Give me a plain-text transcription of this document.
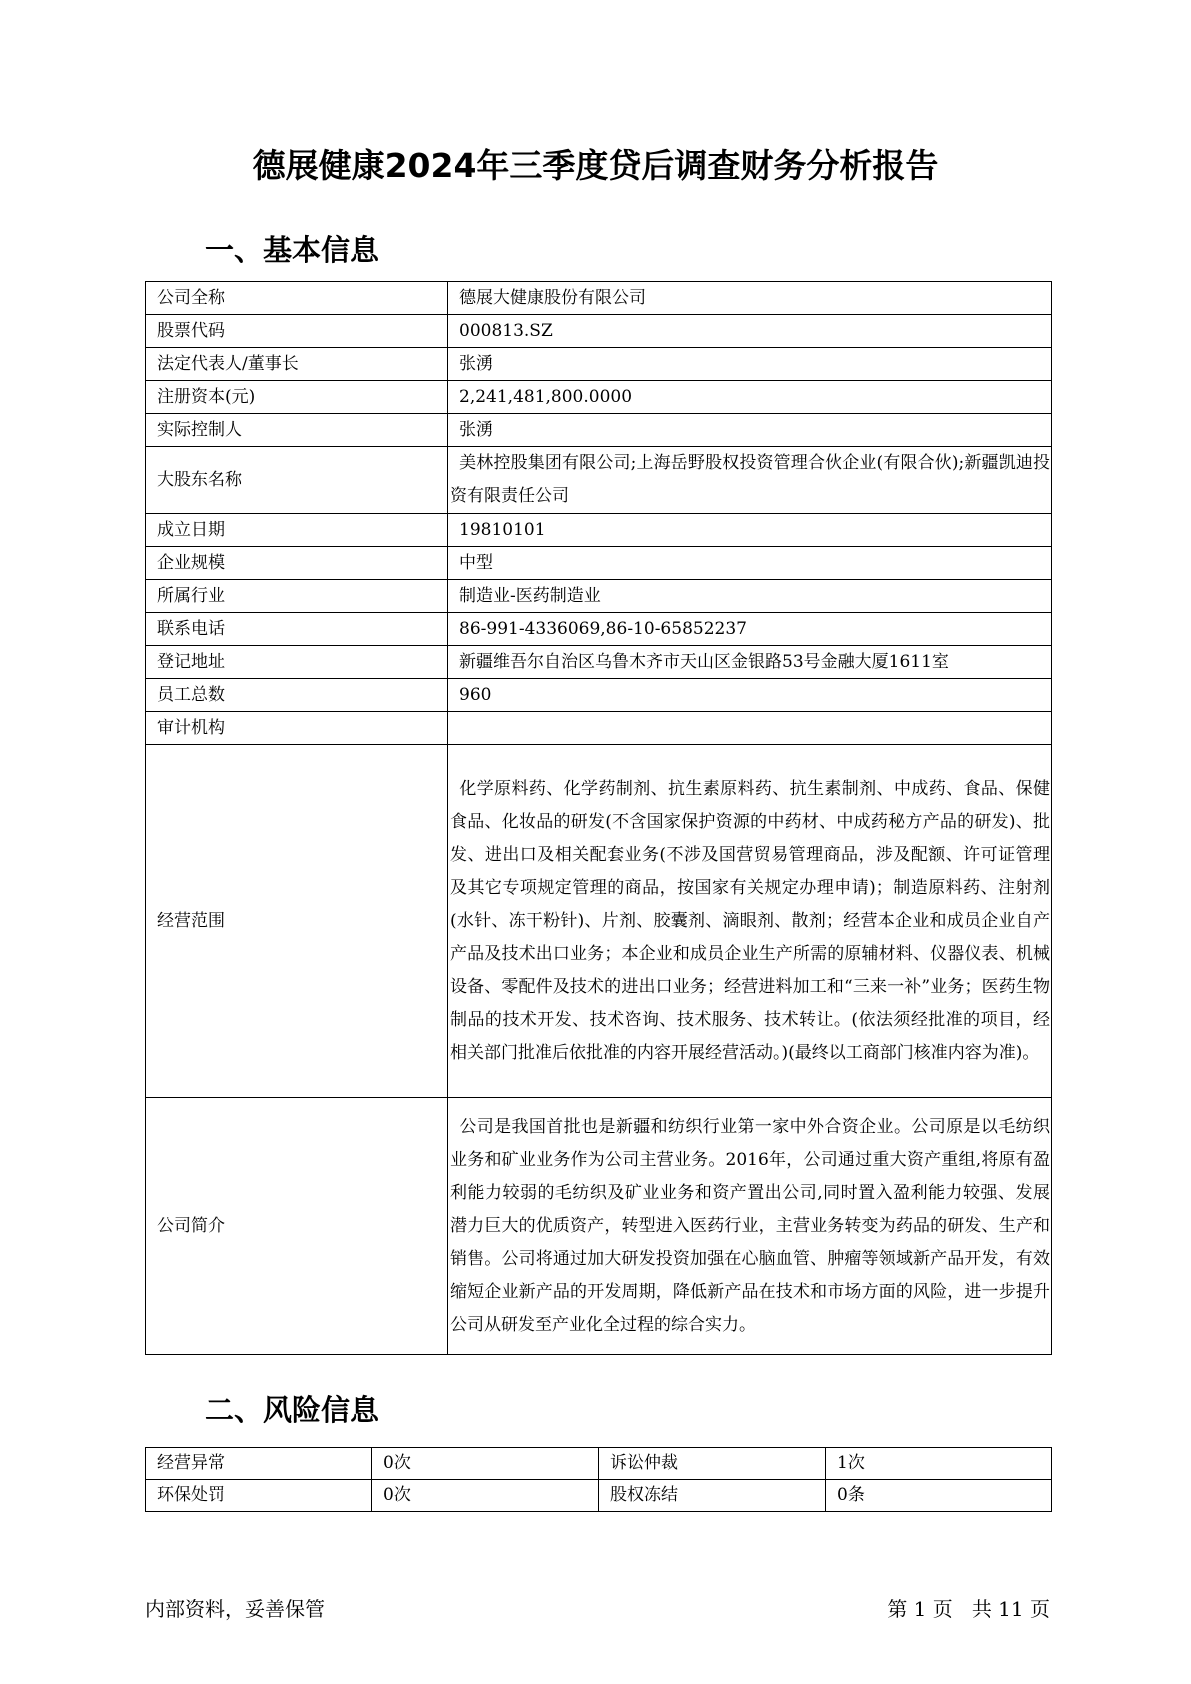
德展健康2024年三季度贷后调查财务分析报告
一、基本信息
公司全称	德展大健康股份有限公司
股票代码	000813.SZ
法定代表人/董事长	张湧
注册资本(元)	2,241,481,800.0000
实际控制人	张湧
大股东名称	美林控股集团有限公司;上海岳野股权投资管理合伙企业(有限合伙);新疆凯迪投资有限责任公司
成立日期	19810101
企业规模	中型
所属行业	制造业-医药制造业
联系电话	86-991-4336069,86-10-65852237
登记地址	新疆维吾尔自治区乌鲁木齐市天山区金银路53号金融大厦1611室
员工总数	960
审计机构	
经营范围	化学原料药、化学药制剂、抗生素原料药、抗生素制剂、中成药、食品、保健食品、化妆品的研发(不含国家保护资源的中药材、中成药秘方产品的研发)、批发、进出口及相关配套业务(不涉及国营贸易管理商品，涉及配额、许可证管理及其它专项规定管理的商品，按国家有关规定办理申请)；制造原料药、注射剂(水针、冻干粉针)、片剂、胶囊剂、滴眼剂、散剂；经营本企业和成员企业自产产品及技术出口业务；本企业和成员企业生产所需的原辅材料、仪器仪表、机械设备、零配件及技术的进出口业务；经营进料加工和“三来一补”业务；医药生物制品的技术开发、技术咨询、技术服务、技术转让。(依法须经批准的项目，经相关部门批准后依批准的内容开展经营活动。)(最终以工商部门核准内容为准)。
公司简介	公司是我国首批也是新疆和纺织行业第一家中外合资企业。公司原是以毛纺织业务和矿业业务作为公司主营业务。2016年，公司通过重大资产重组,将原有盈利能力较弱的毛纺织及矿业业务和资产置出公司,同时置入盈利能力较强、发展潜力巨大的优质资产，转型进入医药行业，主营业务转变为药品的研发、生产和销售。公司将通过加大研发投资加强在心脑血管、肿瘤等领域新产品开发，有效缩短企业新产品的开发周期，降低新产品在技术和市场方面的风险，进一步提升公司从研发至产业化全过程的综合实力。
二、风险信息
经营异常	0次	诉讼仲裁	1次
环保处罚	0次	股权冻结	0条
内部资料，妥善保管	第 1 页   共 11 页
